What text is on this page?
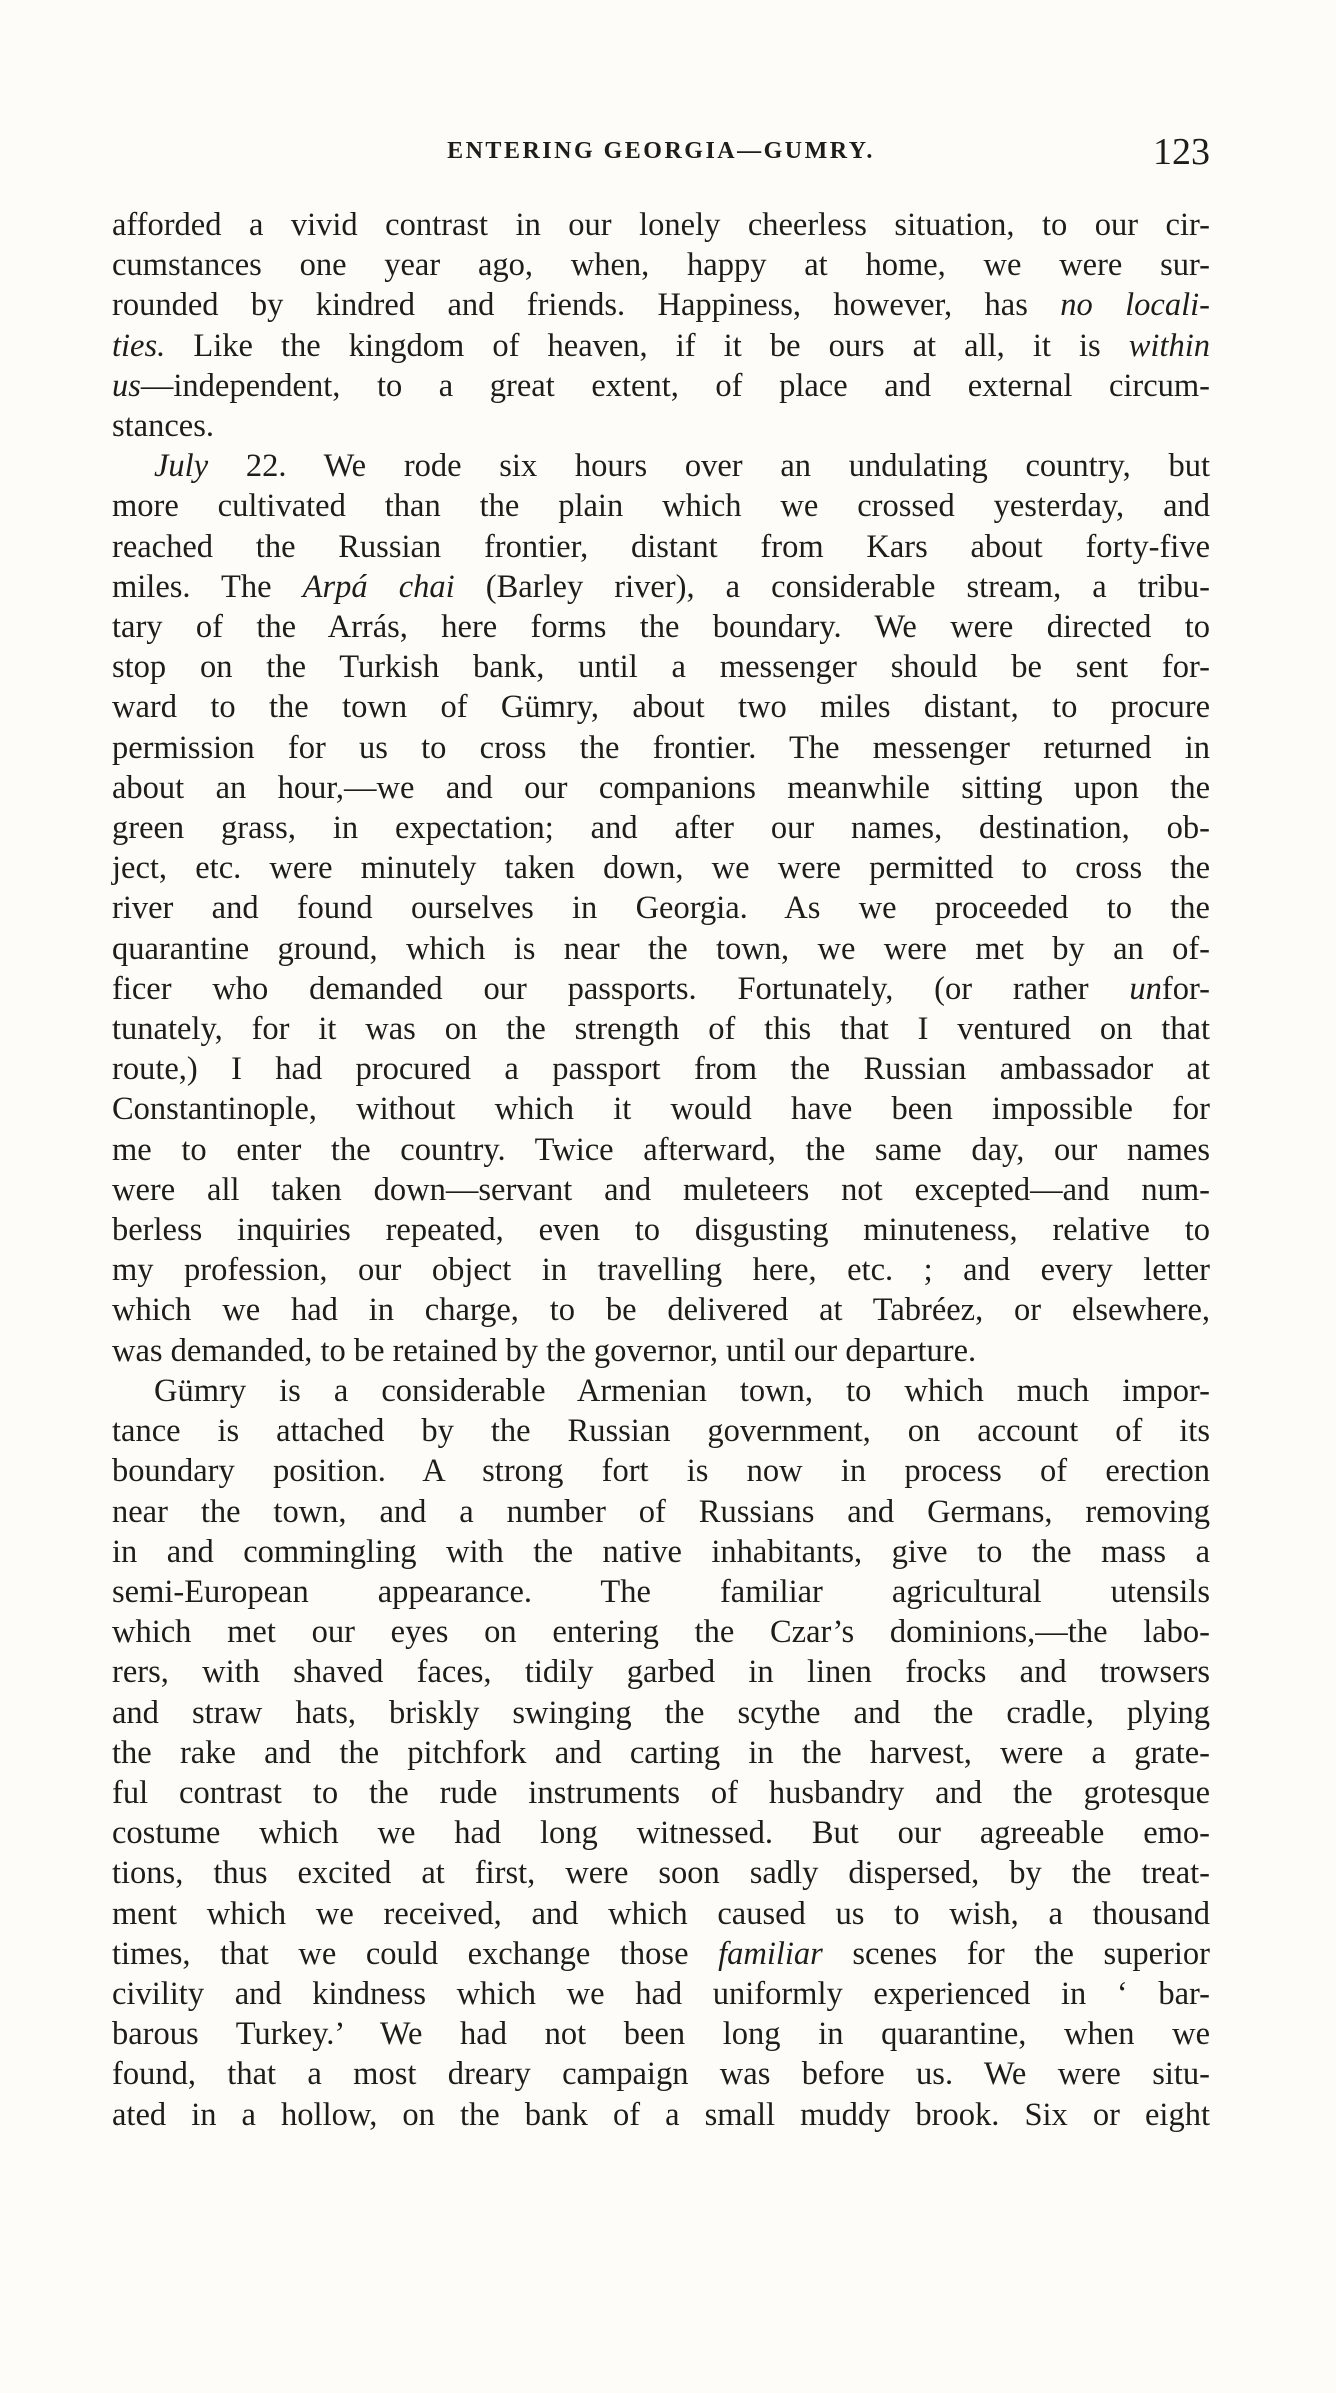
ENTERING GEORGIA—GUMRY.	123
afforded a vivid contrast in our lonely cheerless situation, to our cir-
cumstances one year ago, when, happy at home, we were sur-
rounded by kindred and friends. Happiness, however, has no locali-
ties. Like the kingdom of heaven, if it be ours at all, it is within
us—independent, to a great extent, of place and external circum-
stances.
July 22. We rode six hours over an undulating country, but
more cultivated than the plain which we crossed yesterday, and
reached the Russian frontier, distant from Kars about forty-five
miles. The Arpá chai (Barley river), a considerable stream, a tribu-
tary of the Arrás, here forms the boundary. We were directed to
stop on the Turkish bank, until a messenger should be sent for-
ward to the town of Gümry, about two miles distant, to procure
permission for us to cross the frontier. The messenger returned in
about an hour,—we and our companions meanwhile sitting upon the
green grass, in expectation; and after our names, destination, ob-
ject, etc. were minutely taken down, we were permitted to cross the
river and found ourselves in Georgia. As we proceeded to the
quarantine ground, which is near the town, we were met by an of-
ficer who demanded our passports. Fortunately, (or rather unfor-
tunately, for it was on the strength of this that I ventured on that
route,) I had procured a passport from the Russian ambassador at
Constantinople, without which it would have been impossible for
me to enter the country. Twice afterward, the same day, our names
were all taken down—servant and muleteers not excepted—and num-
berless inquiries repeated, even to disgusting minuteness, relative to
my profession, our object in travelling here, etc. ; and every letter
which we had in charge, to be delivered at Tabréez, or elsewhere,
was demanded, to be retained by the governor, until our departure.
Gümry is a considerable Armenian town, to which much impor-
tance is attached by the Russian government, on account of its
boundary position. A strong fort is now in process of erection
near the town, and a number of Russians and Germans, removing
in and commingling with the native inhabitants, give to the mass a
semi-European appearance. The familiar agricultural utensils
which met our eyes on entering the Czar’s dominions,—the labo-
rers, with shaved faces, tidily garbed in linen frocks and trowsers
and straw hats, briskly swinging the scythe and the cradle, plying
the rake and the pitchfork and carting in the harvest, were a grate-
ful contrast to the rude instruments of husbandry and the grotesque
costume which we had long witnessed. But our agreeable emo-
tions, thus excited at first, were soon sadly dispersed, by the treat-
ment which we received, and which caused us to wish, a thousand
times, that we could exchange those familiar scenes for the superior
civility and kindness which we had uniformly experienced in ‘ bar-
barous Turkey.’ We had not been long in quarantine, when we
found, that a most dreary campaign was before us. We were situ-
ated in a hollow, on the bank of a small muddy brook. Six or eight
